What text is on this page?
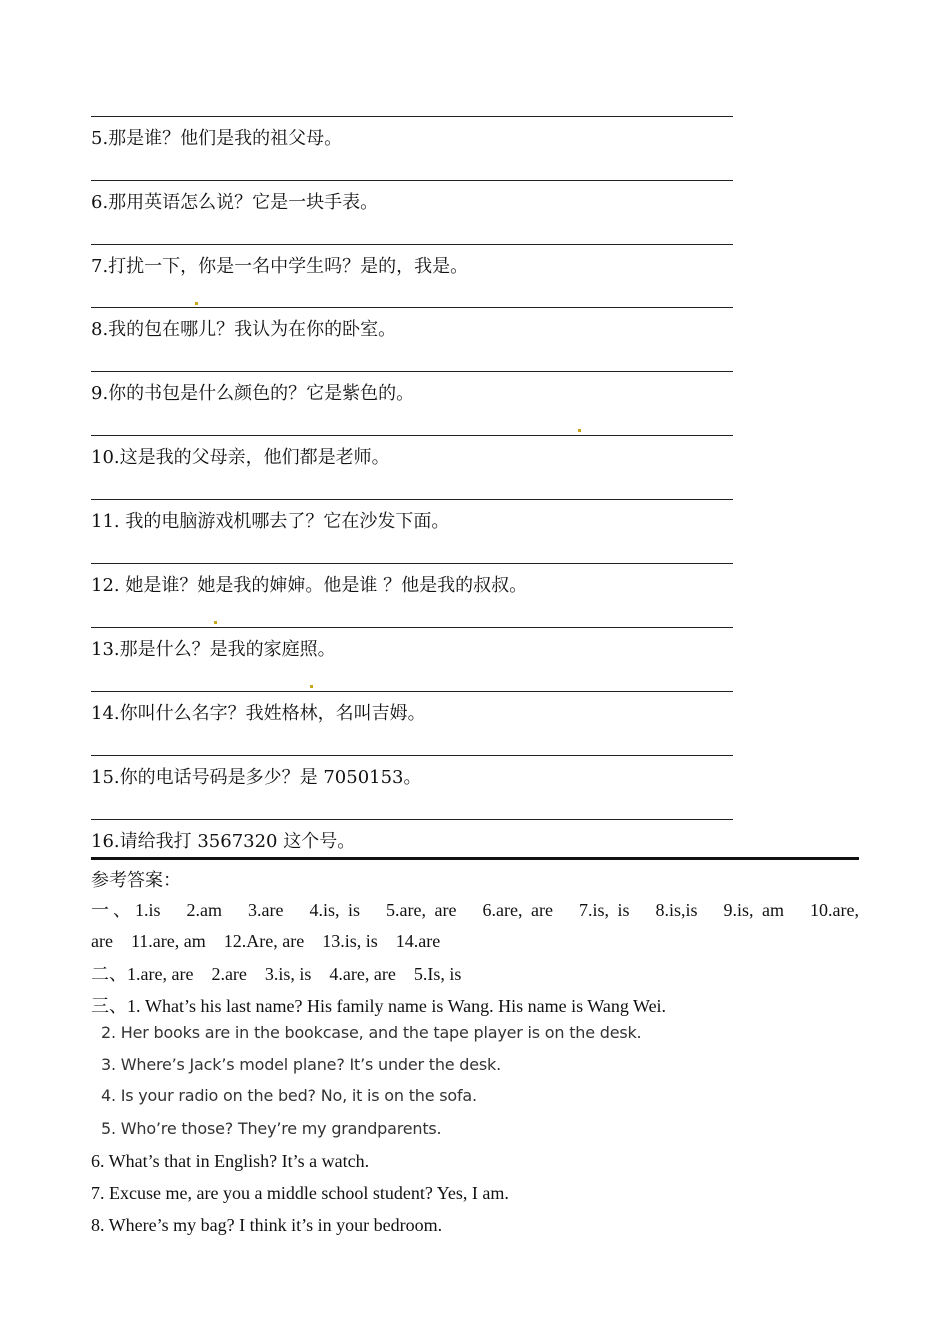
5.那是谁？他们是我的祖父母。
6.那用英语怎么说？它是一块手表。
7.打扰一下，你是一名中学生吗？是的，我是。
8.我的包在哪儿？我认为在你的卧室。
9.你的书包是什么颜色的？它是紫色的。
10.这是我的父母亲，他们都是老师。
11. 我的电脑游戏机哪去了？它在沙发下面。
12. 她是谁？她是我的婶婶。他是谁 ？他是我的叔叔。
13.那是什么？是我的家庭照。
14.你叫什么名字？我姓格林，名叫吉姆。
15.你的电话号码是多少？是 7050153。
16.请给我打 3567320 这个号。
参考答案：
一、1.is　2.am　3.are　4.is, is　5.are, are　6.are, are　7.is, is　8.is,is　9.is, am　10.are,
are　11.are, am　12.Are, are　13.is, is　14.are
二、1.are, are　2.are　3.is, is　4.are, are　5.Is, is
三、1. What’s his last name? His family name is Wang. His name is Wang Wei.
2. Her books are in the bookcase, and the tape player is on the desk.
3. Where’s Jack’s model plane? It’s under the desk.
4. Is your radio on the bed? No, it is on the sofa.
5. Who’re those? They’re my grandparents.
6. What’s that in English? It’s a watch.
7. Excuse me, are you a middle school student? Yes, I am.
8. Where’s my bag? I think it’s in your bedroom.
